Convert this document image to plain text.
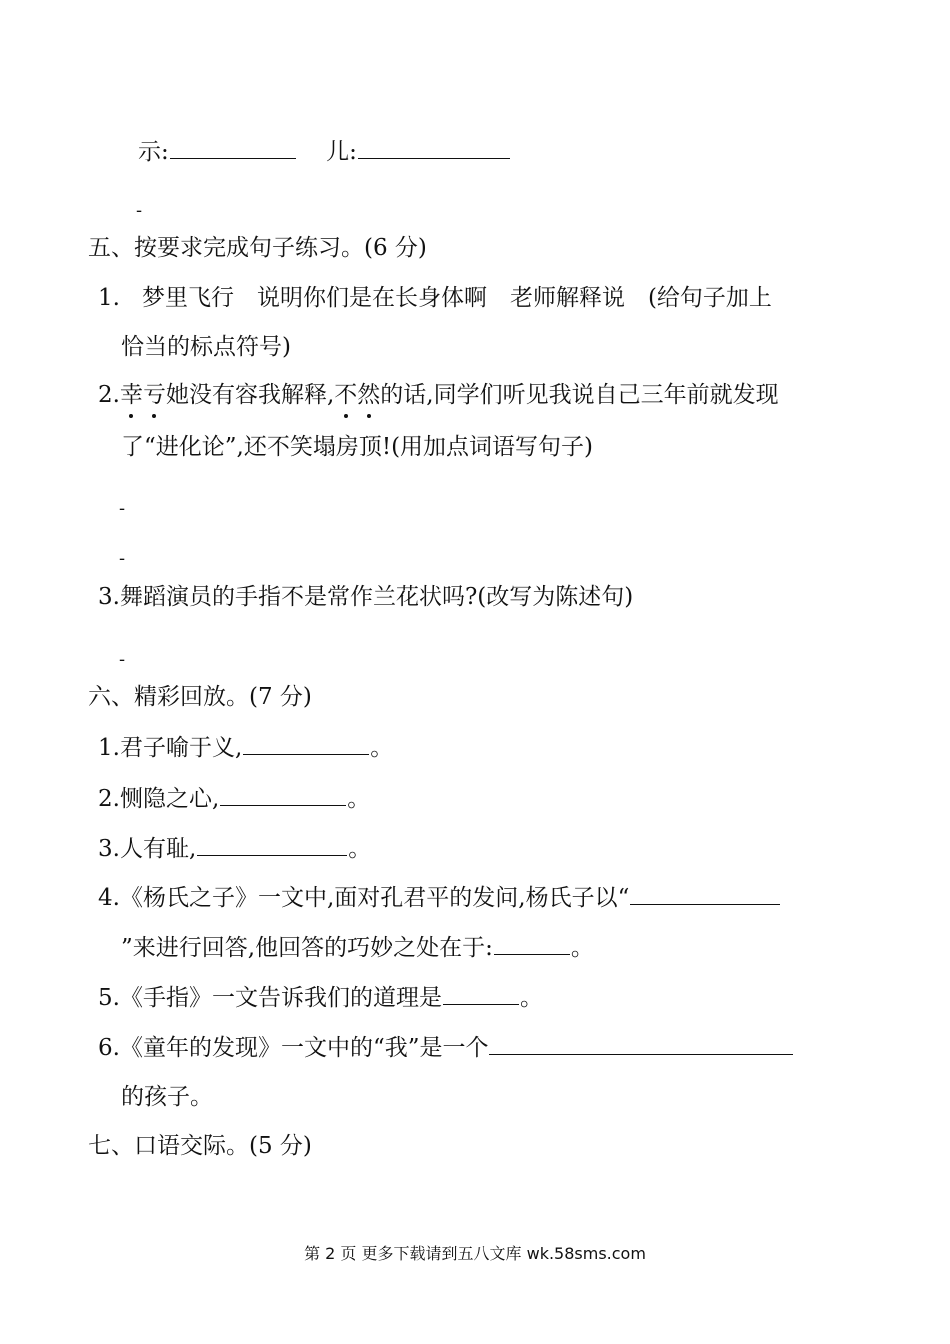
示:	儿:
-
五、按要求完成句子练习。(6 分)
1. 梦里飞行　说明你们是在长身体啊　老师解释说　(给句子加上
恰当的标点符号)
2.幸亏她没有容我解释,不然的话,同学们听见我说自己三年前就发现
了“进化论”,还不笑塌房顶!(用加点词语写句子)
-
-
3.舞蹈演员的手指不是常作兰花状吗?(改写为陈述句)
-
六、精彩回放。(7 分)
1.君子喻于义,	。
2.恻隐之心,	。
3.人有耻,	。
4.《杨氏之子》一文中,面对孔君平的发问,杨氏子以“
”来进行回答,他回答的巧妙之处在于:	。
5.《手指》一文告诉我们的道理是	。
6.《童年的发现》一文中的“我”是一个
的孩子。
七、口语交际。(5 分)
第 2 页 更多下载请到五八文库 wk.58sms.com
